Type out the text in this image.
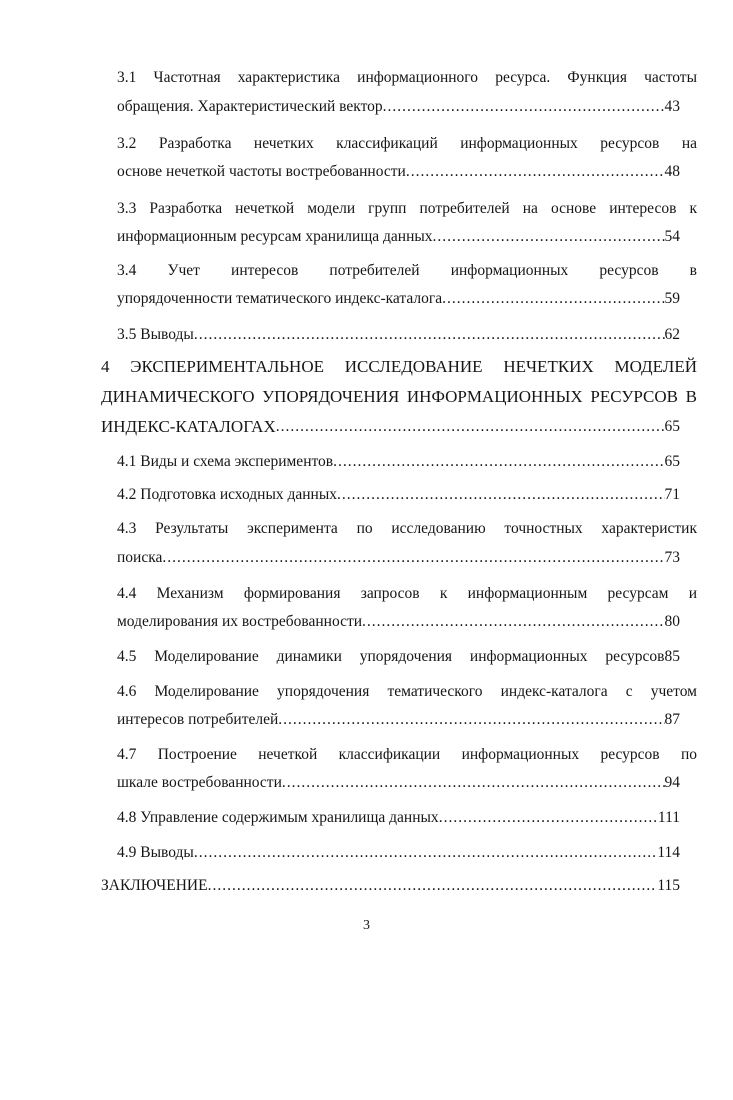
3.1 Частотная характеристика информационного ресурса. Функция частоты
обращения. Характеристический вектор .....	43
3.2 Разработка нечетких классификаций информационных ресурсов на
основе нечеткой частоты востребованности .....	48
3.3 Разработка нечеткой модели групп потребителей на основе интересов к
информационным ресурсам хранилища данных .....	54
3.4 Учет интересов потребителей информационных ресурсов в
упорядоченности тематического индекс-каталога .....	59
3.5 Выводы .....	62
4 ЭКСПЕРИМЕНТАЛЬНОЕ ИССЛЕДОВАНИЕ НЕЧЕТКИХ МОДЕЛЕЙ
ДИНАМИЧЕСКОГО УПОРЯДОЧЕНИЯ ИНФОРМАЦИОННЫХ РЕСУРСОВ В
ИНДЕКС-КАТАЛОГАХ .....	65
4.1 Виды и схема экспериментов .....	65
4.2 Подготовка исходных данных .....	71
4.3 Результаты эксперимента по исследованию точностных характеристик
поиска .....	73
4.4 Механизм формирования запросов к информационным ресурсам и
моделирования их востребованности .....	80
4.5 Моделирование динамики упорядочения информационных ресурсов85
4.6 Моделирование упорядочения тематического индекс-каталога с учетом
интересов потребителей .....	87
4.7 Построение нечеткой классификации информационных ресурсов по
шкале востребованности .....	94
4.8 Управление содержимым хранилища данных .....	111
4.9 Выводы .....	114
ЗАКЛЮЧЕНИЕ .....	115
3
